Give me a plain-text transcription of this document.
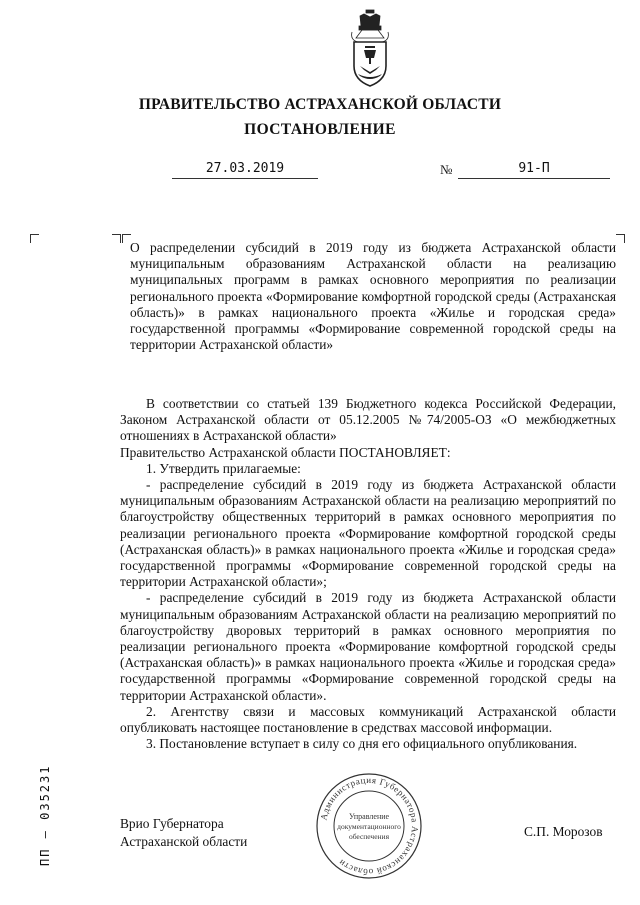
ПРАВИТЕЛЬСТВО АСТРАХАНСКОЙ ОБЛАСТИ
ПОСТАНОВЛЕНИЕ
27.03.2019	№	91-П
О распределении субсидий в 2019 году из бюджета Астраханской области муниципальным образованиям Астраханской области на реализацию муниципальных программ в рамках основного мероприятия по реализации регионального проекта «Формирование комфортной городской среды (Астраханская область)» в рамках национального проекта «Жилье и городская среда» государственной программы «Формирование современной городской среды на территории Астраханской области»

В соответствии со статьей 139 Бюджетного кодекса Российской Федерации, Законом Астраханской области от 05.12.2005 №74/2005-ОЗ «О межбюджетных отношениях в Астраханской области»

Правительство Астраханской области ПОСТАНОВЛЯЕТ:

1. Утвердить прилагаемые:

- распределение субсидий в 2019 году из бюджета Астраханской области муниципальным образованиям Астраханской области на реализацию мероприятий по благоустройству общественных территорий в рамках основного мероприятия по реализации регионального проекта «Формирование комфортной городской среды (Астраханская область)» в рамках национального проекта «Жилье и городская среда» государственной программы «Формирование современной городской среды на территории Астраханской области»;

- распределение субсидий в 2019 году из бюджета Астраханской области муниципальным образованиям Астраханской области на реализацию мероприятий по благоустройству дворовых территорий в рамках основного мероприятия по реализации регионального проекта «Формирование комфортной городской среды (Астраханская область)» в рамках национального проекта «Жилье и городская среда» государственной программы «Формирование современной городской среды на территории Астраханской области».

2. Агентству связи и массовых коммуникаций Астраханской области опубликовать настоящее постановление в средствах массовой информации.

3. Постановление вступает в силу со дня его официального опубликования.

ПП – 035231	Врио Губернатора
Астраханской области
Администрация Губернатора Астраханской области
Управление
документационного
обеспечения	С.П. Морозов
